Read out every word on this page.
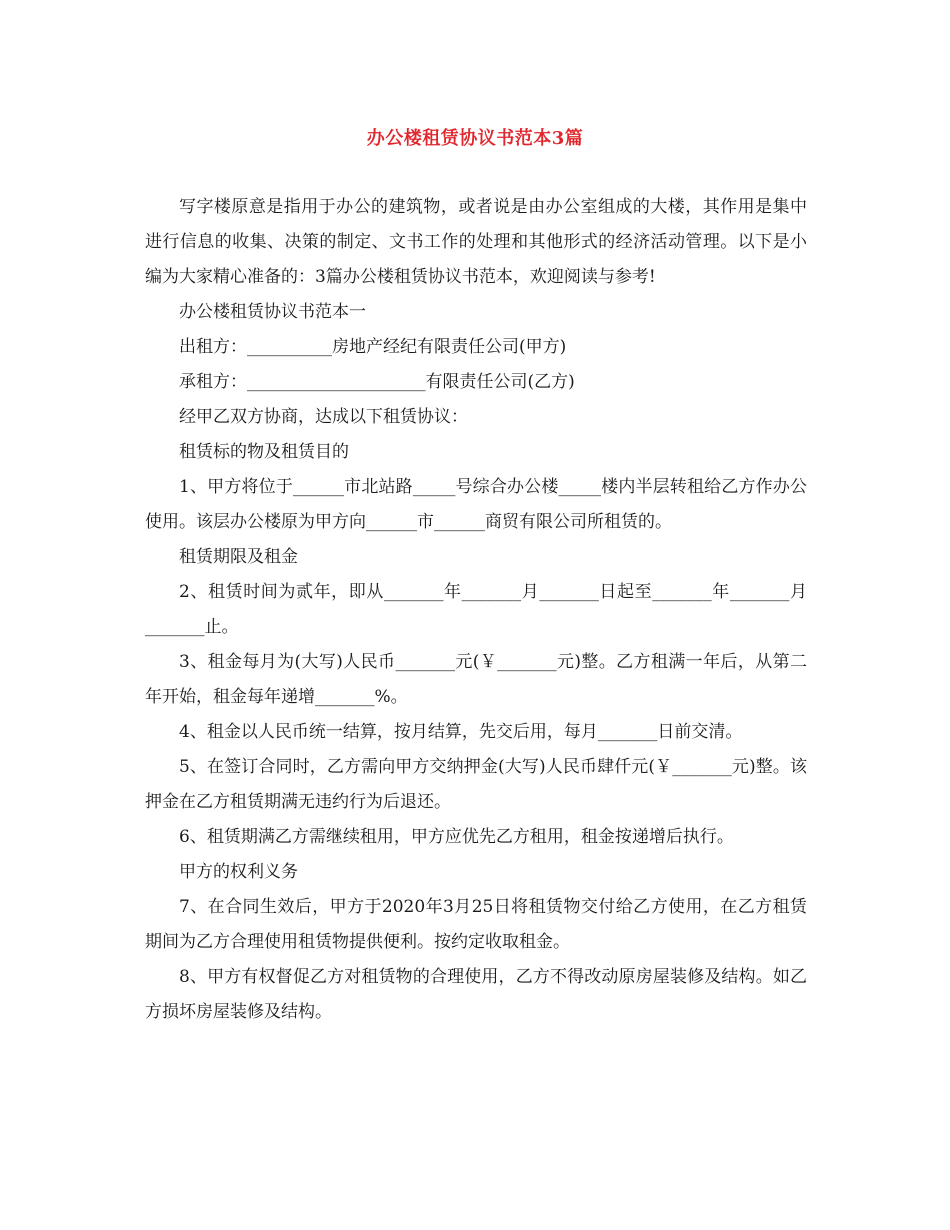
办公楼租赁协议书范本3篇

写字楼原意是指用于办公的建筑物，或者说是由办公室组成的大楼，其作用是集中进行信息的收集、决策的制定、文书工作的处理和其他形式的经济活动管理。以下是小编为大家精心准备的：3篇办公楼租赁协议书范本，欢迎阅读与参考!

办公楼租赁协议书范本一

出租方：__________房地产经纪有限责任公司(甲方)

承租方：_____________________有限责任公司(乙方)

经甲乙双方协商，达成以下租赁协议：

租赁标的物及租赁目的

1、甲方将位于______市北站路_____号综合办公楼_____楼内半层转租给乙方作办公使用。该层办公楼原为甲方向______市______商贸有限公司所租赁的。

租赁期限及租金

2、租赁时间为贰年，即从_______年_______月_______日起至_______年_______月_______止。

3、租金每月为(大写)人民币_______元(￥_______元)整。乙方租满一年后，从第二年开始，租金每年递增_______%。

4、租金以人民币统一结算，按月结算，先交后用，每月_______日前交清。

5、在签订合同时，乙方需向甲方交纳押金(大写)人民币肆仟元(￥_______元)整。该押金在乙方租赁期满无违约行为后退还。

6、租赁期满乙方需继续租用，甲方应优先乙方租用，租金按递增后执行。

甲方的权利义务

7、在合同生效后，甲方于2020年3月25日将租赁物交付给乙方使用，在乙方租赁期间为乙方合理使用租赁物提供便利。按约定收取租金。

8、甲方有权督促乙方对租赁物的合理使用，乙方不得改动原房屋装修及结构。如乙方损坏房屋装修及结构。
